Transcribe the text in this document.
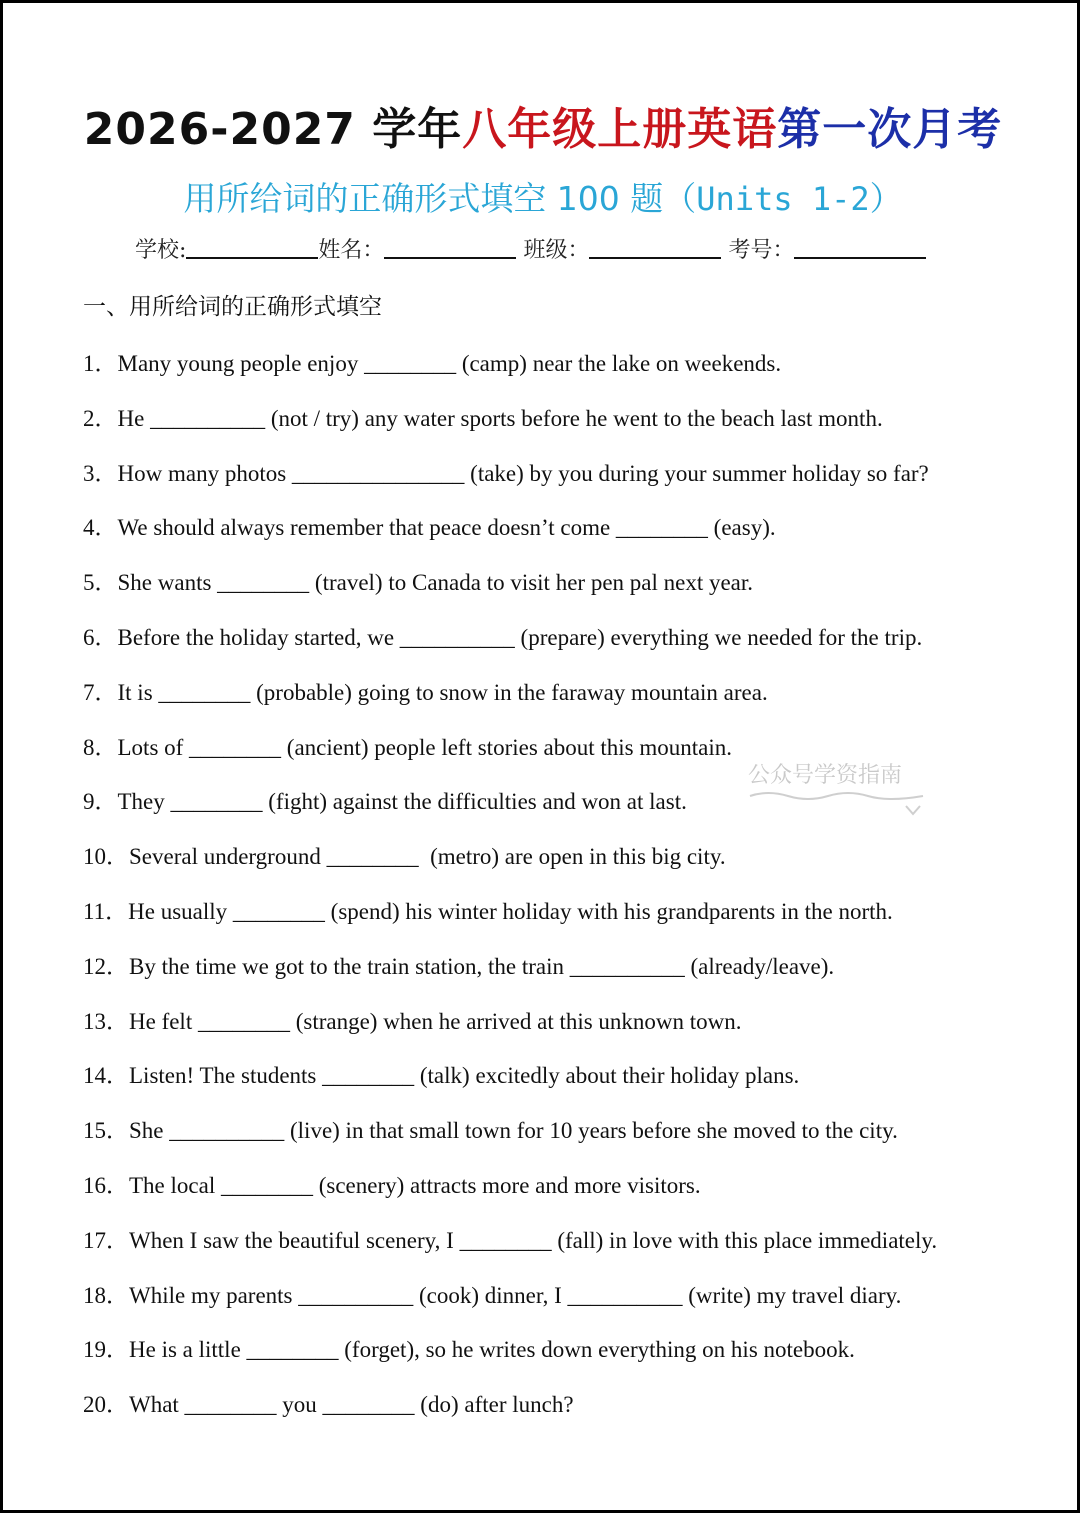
2026-2027 学年八年级上册英语第一次月考
用所给词的正确形式填空 100 题（Units 1-2）
学校:	姓名：	班级：	考号：
一、用所给词的正确形式填空
1．Many young people enjoy ________ (camp) near the lake on weekends.
2．He __________ (not / try) any water sports before he went to the beach last month.
3．How many photos _______________ (take) by you during your summer holiday so far?
4．We should always remember that peace doesn’t come ________ (easy).
5．She wants ________ (travel) to Canada to visit her pen pal next year.
6．Before the holiday started, we __________ (prepare) everything we needed for the trip.
7．It is ________ (probable) going to snow in the faraway mountain area.
8．Lots of ________ (ancient) people left stories about this mountain.
9．They ________ (fight) against the difficulties and won at last.
10．Several underground ________  (metro) are open in this big city.
11．He usually ________ (spend) his winter holiday with his grandparents in the north.
12．By the time we got to the train station, the train __________ (already/leave).
13．He felt ________ (strange) when he arrived at this unknown town.
14．Listen! The students ________ (talk) excitedly about their holiday plans.
15．She __________ (live) in that small town for 10 years before she moved to the city.
16．The local ________ (scenery) attracts more and more visitors.
17．When I saw the beautiful scenery, I ________ (fall) in love with this place immediately.
18．While my parents __________ (cook) dinner, I __________ (write) my travel diary.
19．He is a little ________ (forget), so he writes down everything on his notebook.
20．What ________ you ________ (do) after lunch?
公众号学资指南
